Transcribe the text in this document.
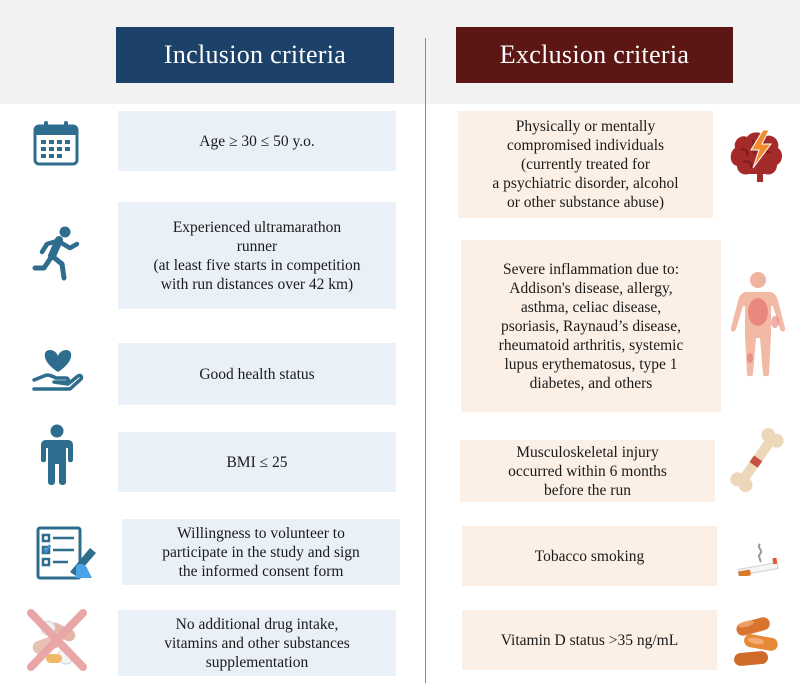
Inclusion criteria	Exclusion criteria
Age ≥ 30 ≤ 50 y.o.
Experienced ultramarathon
runner
(at least five starts in competition
with run distances over 42 km)
Good health status
BMI ≤ 25
Willingness to volunteer to
participate in the study and sign
the informed consent form
No additional drug intake,
vitamins and other substances
supplementation
Physically or mentally
compromised individuals
(currently treated for
a psychiatric disorder, alcohol
or other substance abuse)
Severe inflammation due to:
Addison's disease, allergy,
asthma, celiac disease,
psoriasis, Raynaud’s disease,
rheumatoid arthritis, systemic
lupus erythematosus, type 1
diabetes, and others
Musculoskeletal injury
occurred within 6 months
before the run
Tobacco smoking
Vitamin D status >35 ng/mL
